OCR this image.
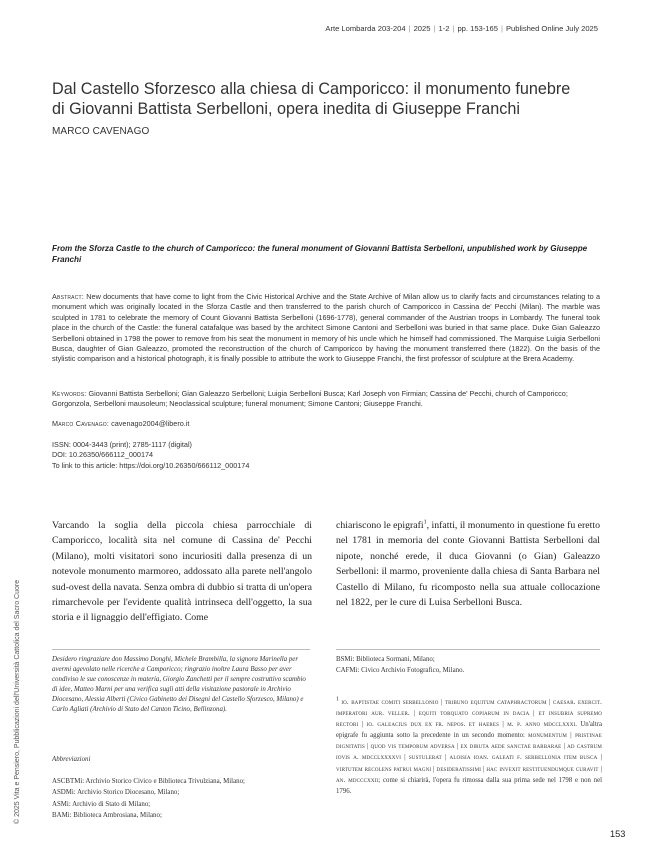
Arte Lombarda 203-204 | 2025 | 1-2 | pp. 153-165 | Published Online July 2025
Dal Castello Sforzesco alla chiesa di Camporicco: il monumento funebre
di Giovanni Battista Serbelloni, opera inedita di Giuseppe Franchi
MARCO CAVENAGO
From the Sforza Castle to the church of Camporicco: the funeral monument of Giovanni Battista Serbelloni, unpublished work by Giuseppe Franchi
Abstract: New documents that have come to light from the Civic Historical Archive and the State Archive of Milan allow us to clarify facts and circumstances relating to a monument which was originally located in the Sforza Castle and then transferred to the parish church of Camporicco in Cassina de' Pecchi (Milan). The marble was sculpted in 1781 to celebrate the memory of Count Giovanni Battista Serbelloni (1696-1778), general commander of the Austrian troops in Lombardy. The funeral took place in the church of the Castle: the funeral catafalque was based by the architect Simone Cantoni and Serbelloni was buried in that same place. Duke Gian Galeazzo Serbelloni obtained in 1798 the power to remove from his seat the monument in memory of his uncle which he himself had commissioned. The Marquise Luigia Serbelloni Busca, daughter of Gian Galeazzo, promoted the reconstruction of the church of Camporicco by having the monument transferred there (1822). On the basis of the stylistic comparison and a historical photograph, it is finally possible to attribute the work to Giuseppe Franchi, the first professor of sculpture at the Brera Academy.
Keywords: Giovanni Battista Serbelloni; Gian Galeazzo Serbelloni; Luigia Serbelloni Busca; Karl Joseph von Firmian; Cassina de' Pecchi, church of Camporicco; Gorgonzola, Serbelloni mausoleum; Neoclassical sculpture; funeral monument; Simone Cantoni; Giuseppe Franchi.
Marco Cavenago: cavenago2004@libero.it
ISSN: 0004-3443 (print); 2785-1117 (digital)
DOI: 10.26350/666112_000174
To link to this article: https://doi.org/10.26350/666112_000174
Varcando la soglia della piccola chiesa parrocchiale di Camporicco, località sita nel comune di Cassina de' Pecchi (Milano), molti visitatori sono incuriositi dalla presenza di un notevole monumento marmoreo, addossato alla parete nell'angolo sud-ovest della navata. Senza ombra di dubbio si tratta di un'opera rimarchevole per l'evidente qualità intrinseca dell'oggetto, la sua storia e il lignaggio dell'effigiato. Come
chiariscono le epigrafi$^1$, infatti, il monumento in questione fu eretto nel 1781 in memoria del conte Giovanni Battista Serbelloni dal nipote, nonché erede, il duca Giovanni (o Gian) Galeazzo Serbelloni: il marmo, proveniente dalla chiesa di Santa Barbara nel Castello di Milano, fu ricomposto nella sua attuale collocazione nel 1822, per le cure di Luisa Serbelloni Busca.
Desidero ringraziare don Massimo Donghi, Michele Brambilla, la signora Marinella per avermi agevolato nelle ricerche a Camporicco; ringrazio inoltre Laura Basso per aver condiviso le sue conoscenze in materia, Giorgio Zanchetti per il sempre costruttivo scambio di idee, Matteo Marni per una verifica sugli atti della visitazione pastorale in Archivio Diocesano, Alessia Alberti (Civico Gabinetto dei Disegni del Castello Sforzesco, Milano) e Carlo Agliati (Archivio di Stato del Canton Ticino, Bellinzona).
Abbreviazioni
ASCBTMi: Archivio Storico Civico e Biblioteca Trivulziana, Milano;
ASDMi: Archivio Storico Diocesano, Milano;
ASMi: Archivio di Stato di Milano;
BAMi: Biblioteca Ambrosiana, Milano;
BSMi: Biblioteca Sormani, Milano;
CAFMi: Civico Archivio Fotografico, Milano.
$^1$ io. baptistae comiti serbellonio | tribuno equitum cataphractorum | caesar. exercit. imperatori aur. veller. | equiti torquato copiarum in dacia | et insubria supremo rectori | io. galeacius dux ex fr. nepos. et haeres | m. p. anno mdcclxxxi. Un'altra epigrafe fu aggiunta sotto la precedente in un secondo momento: monumentum | pristinae dignitatis | quod vis temporum adversa | ex diruta aede sanctae barbarae | ad castrum iovis a. mdcclxxxxvi | sustulerat | aloisia ioan. galeati f. serbellonia item busca | virtutem recolens patrui magni | desideratissimi | hac invexit restituendumque curavit | an. mdcccxxii; come si chiarirà, l'opera fu rimossa dalla sua prima sede nel 1798 e non nel 1796.
153
© 2025 Vita e Pensiero, Pubblicazioni dell'Università Cattolica del Sacro Cuore
